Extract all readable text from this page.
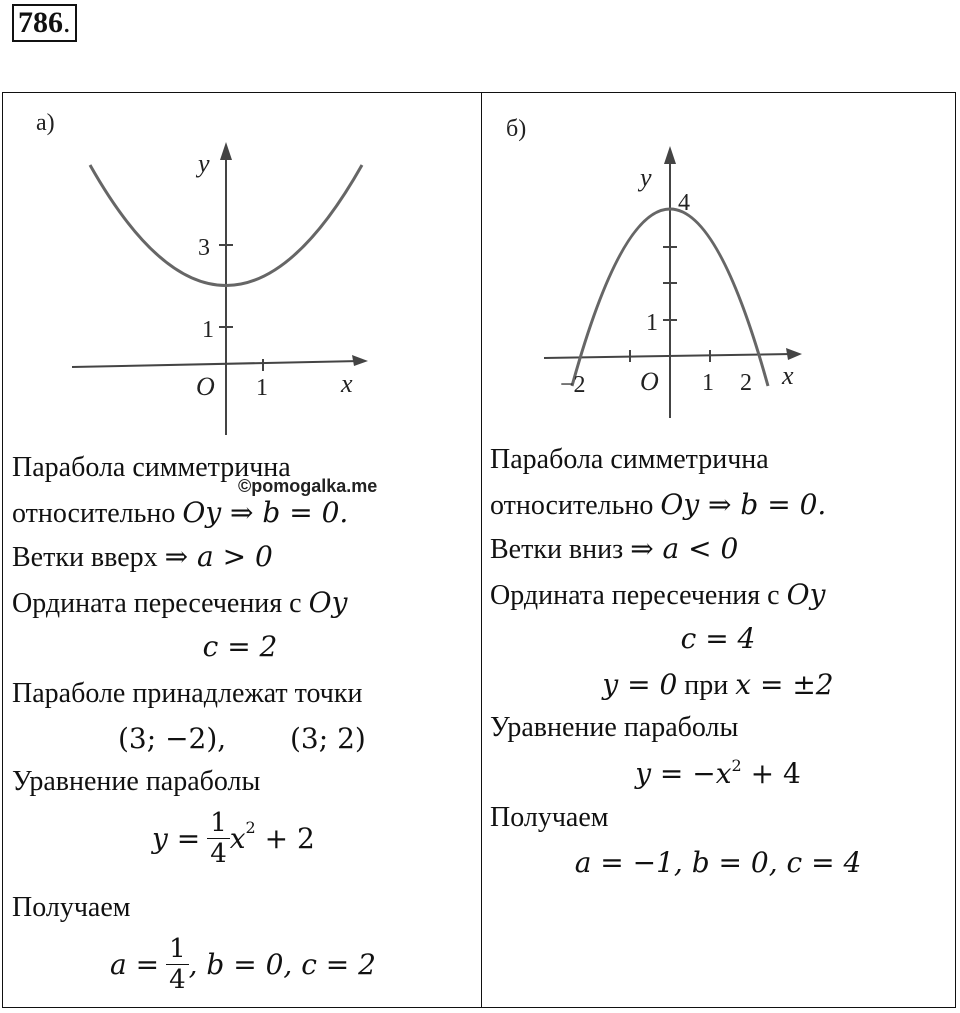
786.
а)
y
x
O
3
1
1
б)
y
x
O
4
1
−2	1 2
©pomogalka.me
Парабола симметрична
относительно Oy ⇒ b = 0.
Ветки вверх ⇒ a > 0
Ордината пересечения с Oy
c = 2
Параболе принадлежат точки
(3; −2), (3; 2)
Уравнение параболы
$y = \frac{1}{4} x^2 + 2$
Получаем
$a = \frac{1}{4}$ , b = 0, c = 2
Парабола симметрична
относительно Oy ⇒ b = 0.
Ветки вниз ⇒ a < 0
Ордината пересечения с Oy
c = 4
y = 0 при x = ±2
Уравнение параболы
$y = -x^2 + 4$
Получаем
a = −1, b = 0, c = 4
